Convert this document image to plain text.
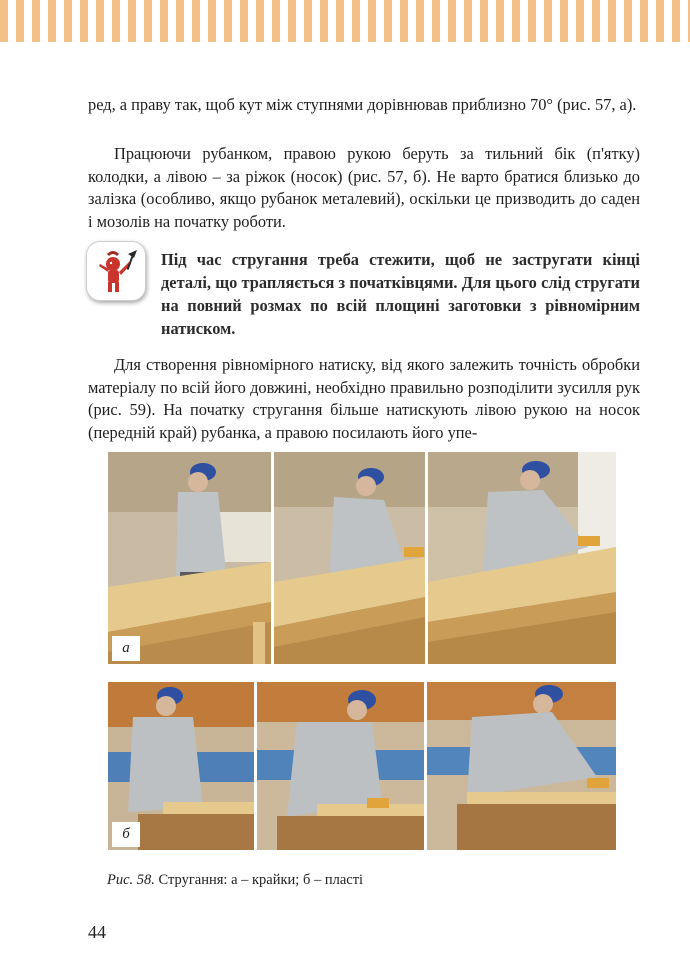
ред, а праву так, щоб кут між ступнями дорівнював приблизно 70° (рис. 57, а).

Працюючи рубанком, правою рукою беруть за тильний бік (п'ятку) колодки, а лівою – за ріжок (носок) (рис. 57, б). Не варто братися близько до залізка (особливо, якщо рубанок металевий), оскільки це призводить до саден і мозолів на початку роботи.

Під час стругання треба стежити, щоб не застругати кінці деталі, що трапляється з початківцями. Для цього слід стругати на повний розмах по всій площині заготовки з рівномірним натиском.

Для створення рівномірного натиску, від якого залежить точність обробки матеріалу по всій його довжині, необхідно правильно розподілити зусилля рук (рис. 59). На початку стругання більше натискують лівою рукою на носок (передній край) рубанка, а правою посилають його упе-

а
б

Рис. 58. Стругання: а – крайки; б – пласті

44
